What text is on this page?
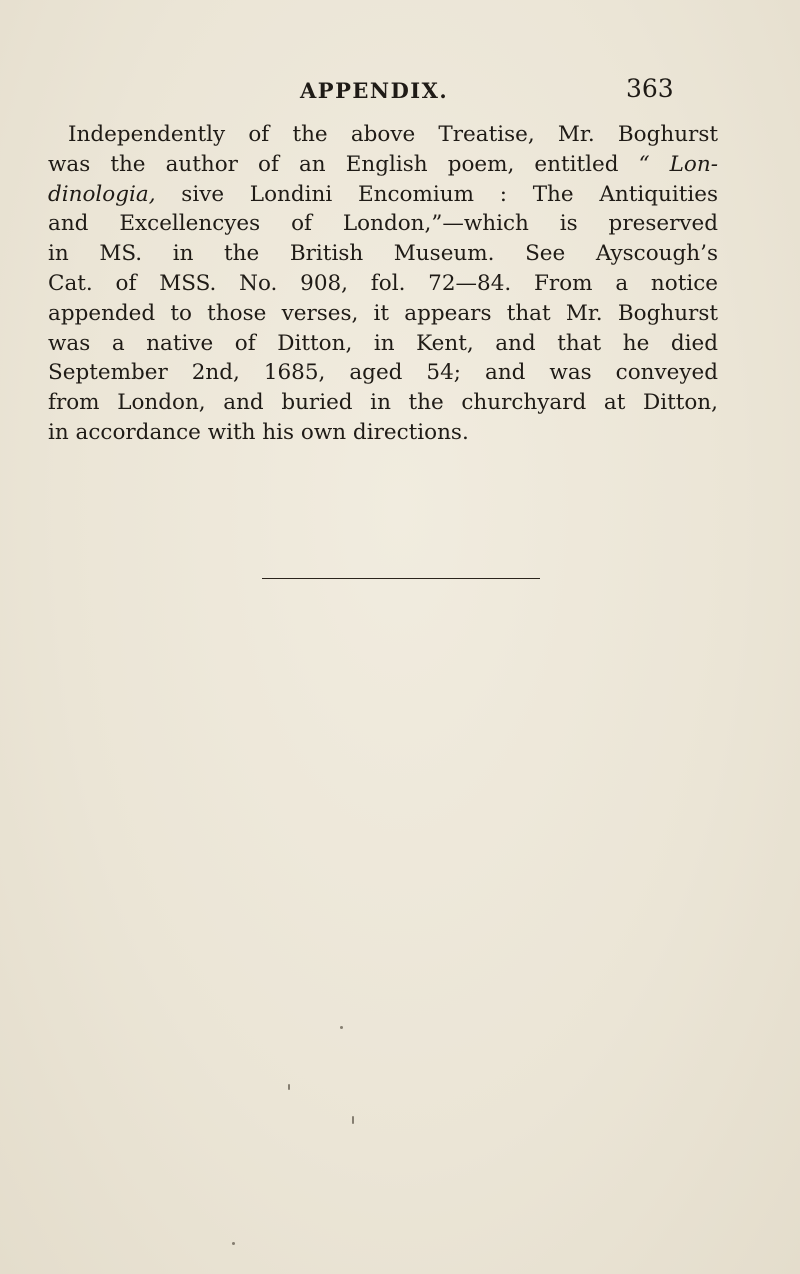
APPENDIX.	363
Independently of the above Treatise, Mr. Boghurst
was the author of an English poem, entitled “ Lon-
dinologia, sive Londini Encomium : The Antiquities
and Excellencyes of London,”—which is preserved
in MS. in the British Museum. See Ayscough’s
Cat. of MSS. No. 908, fol. 72—84. From a notice
appended to those verses, it appears that Mr. Boghurst
was a native of Ditton, in Kent, and that he died
September 2nd, 1685, aged 54; and was conveyed
from London, and buried in the churchyard at Ditton,
in accordance with his own directions.
